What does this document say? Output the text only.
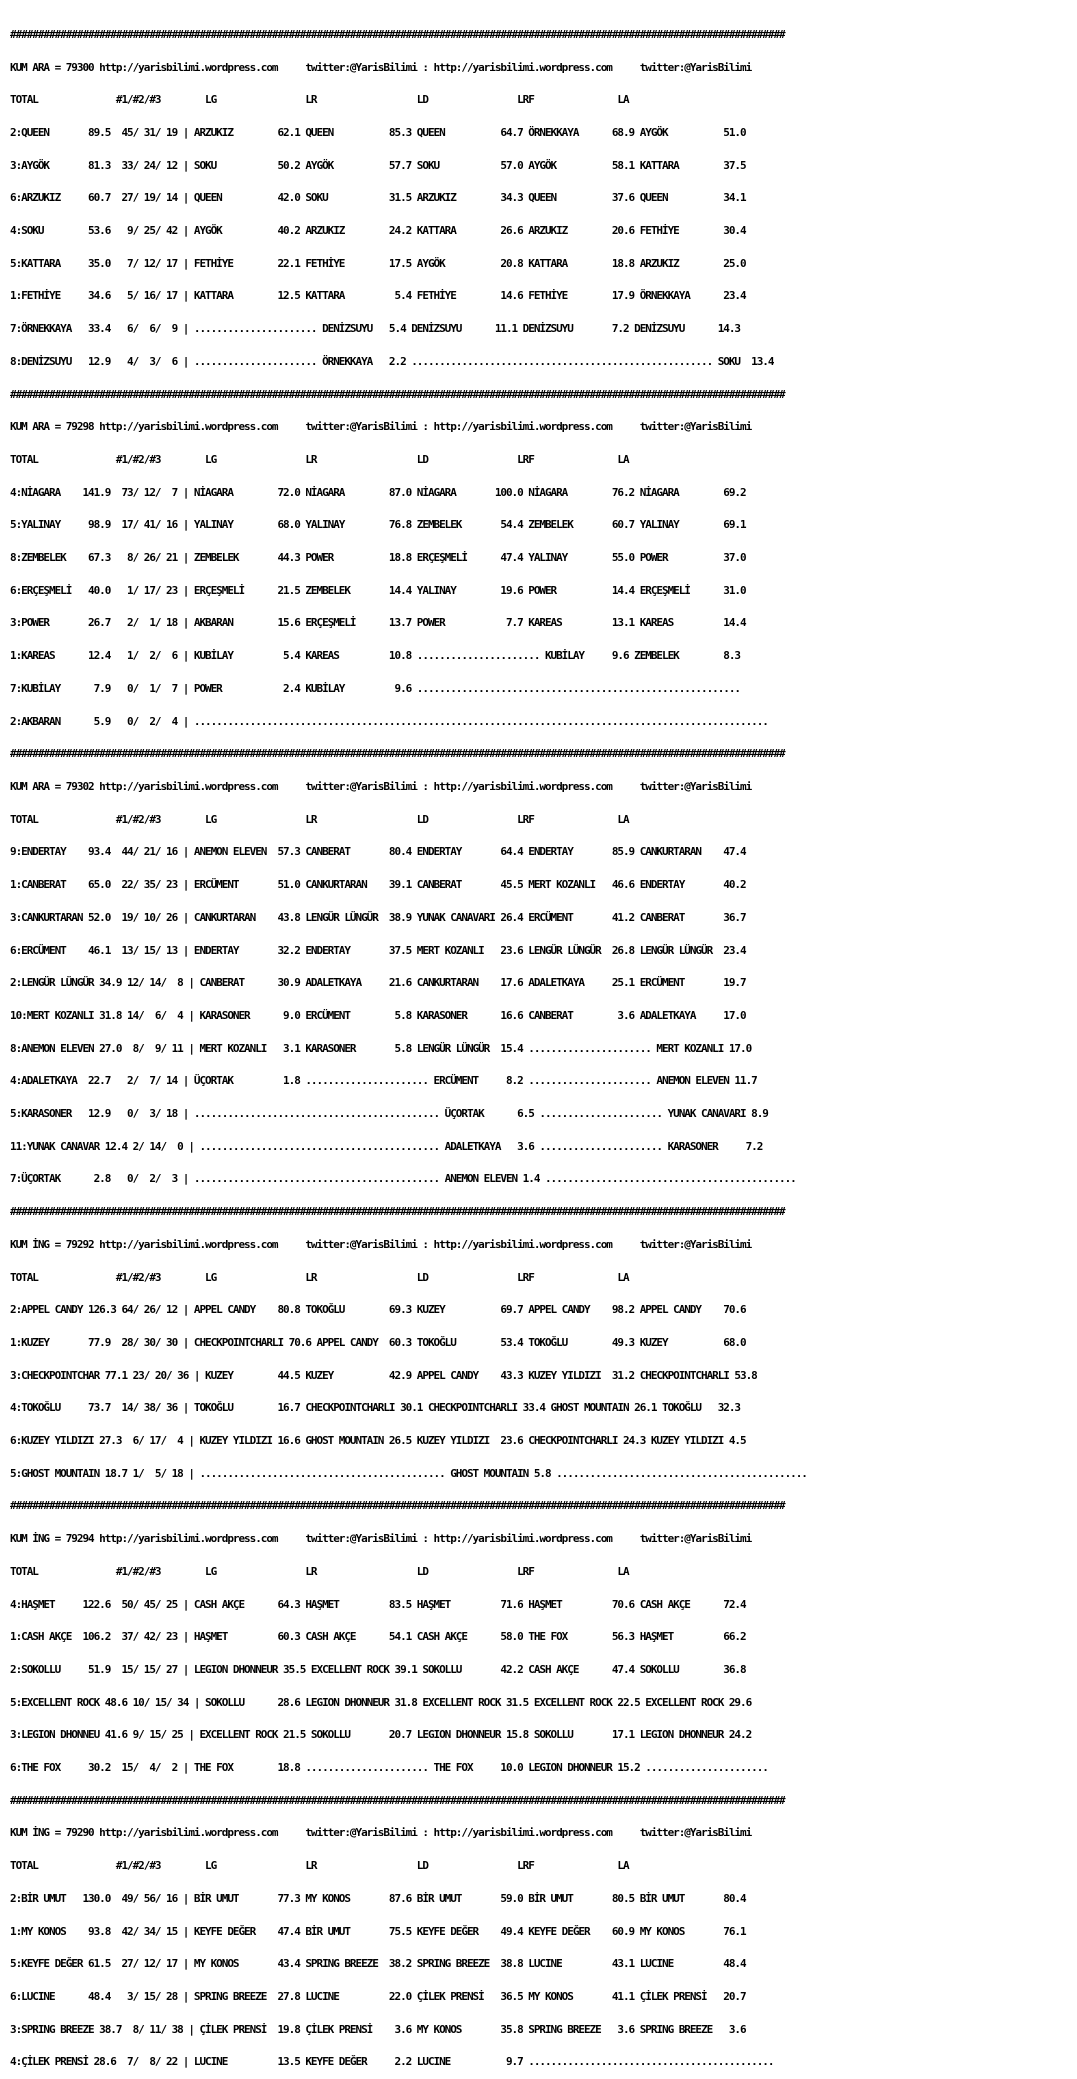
###########################################################################################################################################

KUM ARA = 79300 http://yarisbilimi.wordpress.com     twitter:@YarisBilimi : http://yarisbilimi.wordpress.com     twitter:@YarisBilimi

TOTAL              #1/#2/#3        LG                LR                  LD                LRF               LA

2:QUEEN       89.5  45/ 31/ 19 | ARZUKIZ        62.1 QUEEN          85.3 QUEEN          64.7 ÖRNEKKAYA      68.9 AYGÖK          51.0

3:AYGÖK       81.3  33/ 24/ 12 | SOKU           50.2 AYGÖK          57.7 SOKU           57.0 AYGÖK          58.1 KATTARA        37.5

6:ARZUKIZ     60.7  27/ 19/ 14 | QUEEN          42.0 SOKU           31.5 ARZUKIZ        34.3 QUEEN          37.6 QUEEN          34.1

4:SOKU        53.6   9/ 25/ 42 | AYGÖK          40.2 ARZUKIZ        24.2 KATTARA        26.6 ARZUKIZ        20.6 FETHİYE        30.4

5:KATTARA     35.0   7/ 12/ 17 | FETHİYE        22.1 FETHİYE        17.5 AYGÖK          20.8 KATTARA        18.8 ARZUKIZ        25.0

1:FETHİYE     34.6   5/ 16/ 17 | KATTARA        12.5 KATTARA         5.4 FETHİYE        14.6 FETHİYE        17.9 ÖRNEKKAYA      23.4

7:ÖRNEKKAYA   33.4   6/  6/  9 | ...................... DENİZSUYU   5.4 DENİZSUYU      11.1 DENİZSUYU       7.2 DENİZSUYU      14.3

8:DENİZSUYU   12.9   4/  3/  6 | ...................... ÖRNEKKAYA   2.2 ...................................................... SOKU  13.4

###########################################################################################################################################

KUM ARA = 79298 http://yarisbilimi.wordpress.com     twitter:@YarisBilimi : http://yarisbilimi.wordpress.com     twitter:@YarisBilimi

TOTAL              #1/#2/#3        LG                LR                  LD                LRF               LA

4:NİAGARA    141.9  73/ 12/  7 | NİAGARA        72.0 NİAGARA        87.0 NİAGARA       100.0 NİAGARA        76.2 NİAGARA        69.2

5:YALINAY     98.9  17/ 41/ 16 | YALINAY        68.0 YALINAY        76.8 ZEMBELEK       54.4 ZEMBELEK       60.7 YALINAY        69.1

8:ZEMBELEK    67.3   8/ 26/ 21 | ZEMBELEK       44.3 POWER          18.8 ERÇEŞMELİ      47.4 YALINAY        55.0 POWER          37.0

6:ERÇEŞMELİ   40.0   1/ 17/ 23 | ERÇEŞMELİ      21.5 ZEMBELEK       14.4 YALINAY        19.6 POWER          14.4 ERÇEŞMELİ      31.0

3:POWER       26.7   2/  1/ 18 | AKBARAN        15.6 ERÇEŞMELİ      13.7 POWER           7.7 KAREAS         13.1 KAREAS         14.4

1:KAREAS      12.4   1/  2/  6 | KUBİLAY         5.4 KAREAS         10.8 ...................... KUBİLAY     9.6 ZEMBELEK        8.3

7:KUBİLAY      7.9   0/  1/  7 | POWER           2.4 KUBİLAY         9.6 ..........................................................

2:AKBARAN      5.9   0/  2/  4 | .......................................................................................................

###########################################################################################################################################

KUM ARA = 79302 http://yarisbilimi.wordpress.com     twitter:@YarisBilimi : http://yarisbilimi.wordpress.com     twitter:@YarisBilimi

TOTAL              #1/#2/#3        LG                LR                  LD                LRF               LA

9:ENDERTAY    93.4  44/ 21/ 16 | ANEMON ELEVEN  57.3 CANBERAT       80.4 ENDERTAY       64.4 ENDERTAY       85.9 CANKURTARAN    47.4

1:CANBERAT    65.0  22/ 35/ 23 | ERCÜMENT       51.0 CANKURTARAN    39.1 CANBERAT       45.5 MERT KOZANLI   46.6 ENDERTAY       40.2

3:CANKURTARAN 52.0  19/ 10/ 26 | CANKURTARAN    43.8 LENGÜR LÜNGÜR  38.9 YUNAK CANAVARI 26.4 ERCÜMENT       41.2 CANBERAT       36.7

6:ERCÜMENT    46.1  13/ 15/ 13 | ENDERTAY       32.2 ENDERTAY       37.5 MERT KOZANLI   23.6 LENGÜR LÜNGÜR  26.8 LENGÜR LÜNGÜR  23.4

2:LENGÜR LÜNGÜR 34.9 12/ 14/  8 | CANBERAT      30.9 ADALETKAYA     21.6 CANKURTARAN    17.6 ADALETKAYA     25.1 ERCÜMENT       19.7

10:MERT KOZANLI 31.8 14/  6/  4 | KARASONER      9.0 ERCÜMENT        5.8 KARASONER      16.6 CANBERAT        3.6 ADALETKAYA     17.0

8:ANEMON ELEVEN 27.0  8/  9/ 11 | MERT KOZANLI   3.1 KARASONER       5.8 LENGÜR LÜNGÜR  15.4 ...................... MERT KOZANLI 17.0

4:ADALETKAYA  22.7   2/  7/ 14 | ÜÇORTAK         1.8 ...................... ERCÜMENT     8.2 ...................... ANEMON ELEVEN 11.7

5:KARASONER   12.9   0/  3/ 18 | ............................................ ÜÇORTAK      6.5 ...................... YUNAK CANAVARI 8.9

11:YUNAK CANAVAR 12.4 2/ 14/  0 | ........................................... ADALETKAYA   3.6 ...................... KARASONER     7.2

7:ÜÇORTAK      2.8   0/  2/  3 | ............................................ ANEMON ELEVEN 1.4 .............................................

###########################################################################################################################################

KUM İNG = 79292 http://yarisbilimi.wordpress.com     twitter:@YarisBilimi : http://yarisbilimi.wordpress.com     twitter:@YarisBilimi

TOTAL              #1/#2/#3        LG                LR                  LD                LRF               LA

2:APPEL CANDY 126.3 64/ 26/ 12 | APPEL CANDY    80.8 TOKOĞLU        69.3 KUZEY          69.7 APPEL CANDY    98.2 APPEL CANDY    70.6

1:KUZEY       77.9  28/ 30/ 30 | CHECKPOINTCHARLI 70.6 APPEL CANDY  60.3 TOKOĞLU        53.4 TOKOĞLU        49.3 KUZEY          68.0

3:CHECKPOINTCHAR 77.1 23/ 20/ 36 | KUZEY        44.5 KUZEY          42.9 APPEL CANDY    43.3 KUZEY YILDIZI  31.2 CHECKPOINTCHARLI 53.8

4:TOKOĞLU     73.7  14/ 38/ 36 | TOKOĞLU        16.7 CHECKPOINTCHARLI 30.1 CHECKPOINTCHARLI 33.4 GHOST MOUNTAIN 26.1 TOKOĞLU   32.3

6:KUZEY YILDIZI 27.3  6/ 17/  4 | KUZEY YILDIZI 16.6 GHOST MOUNTAIN 26.5 KUZEY YILDIZI  23.6 CHECKPOINTCHARLI 24.3 KUZEY YILDIZI 4.5

5:GHOST MOUNTAIN 18.7 1/  5/ 18 | ............................................ GHOST MOUNTAIN 5.8 .............................................

###########################################################################################################################################

KUM İNG = 79294 http://yarisbilimi.wordpress.com     twitter:@YarisBilimi : http://yarisbilimi.wordpress.com     twitter:@YarisBilimi

TOTAL              #1/#2/#3        LG                LR                  LD                LRF               LA

4:HAŞMET     122.6  50/ 45/ 25 | CASH AKÇE      64.3 HAŞMET         83.5 HAŞMET         71.6 HAŞMET         70.6 CASH AKÇE      72.4

1:CASH AKÇE  106.2  37/ 42/ 23 | HAŞMET         60.3 CASH AKÇE      54.1 CASH AKÇE      58.0 THE FOX        56.3 HAŞMET         66.2

2:SOKOLLU     51.9  15/ 15/ 27 | LEGION DHONNEUR 35.5 EXCELLENT ROCK 39.1 SOKOLLU       42.2 CASH AKÇE      47.4 SOKOLLU        36.8

5:EXCELLENT ROCK 48.6 10/ 15/ 34 | SOKOLLU      28.6 LEGION DHONNEUR 31.8 EXCELLENT ROCK 31.5 EXCELLENT ROCK 22.5 EXCELLENT ROCK 29.6

3:LEGION DHONNEU 41.6 9/ 15/ 25 | EXCELLENT ROCK 21.5 SOKOLLU       20.7 LEGION DHONNEUR 15.8 SOKOLLU       17.1 LEGION DHONNEUR 24.2

6:THE FOX     30.2  15/  4/  2 | THE FOX        18.8 ...................... THE FOX     10.0 LEGION DHONNEUR 15.2 ......................

###########################################################################################################################################

KUM İNG = 79290 http://yarisbilimi.wordpress.com     twitter:@YarisBilimi : http://yarisbilimi.wordpress.com     twitter:@YarisBilimi

TOTAL              #1/#2/#3        LG                LR                  LD                LRF               LA

2:BİR UMUT   130.0  49/ 56/ 16 | BİR UMUT       77.3 MY KONOS       87.6 BİR UMUT       59.0 BİR UMUT       80.5 BİR UMUT       80.4

1:MY KONOS    93.8  42/ 34/ 15 | KEYFE DEĞER    47.4 BİR UMUT       75.5 KEYFE DEĞER    49.4 KEYFE DEĞER    60.9 MY KONOS       76.1

5:KEYFE DEĞER 61.5  27/ 12/ 17 | MY KONOS       43.4 SPRING BREEZE  38.2 SPRING BREEZE  38.8 LUCINE         43.1 LUCINE         48.4

6:LUCINE      48.4   3/ 15/ 28 | SPRING BREEZE  27.8 LUCINE         22.0 ÇİLEK PRENSİ   36.5 MY KONOS       41.1 ÇİLEK PRENSİ   20.7

3:SPRING BREEZE 38.7  8/ 11/ 38 | ÇİLEK PRENSİ  19.8 ÇİLEK PRENSİ    3.6 MY KONOS       35.8 SPRING BREEZE   3.6 SPRING BREEZE   3.6

4:ÇİLEK PRENSİ 28.6  7/  8/ 22 | LUCINE         13.5 KEYFE DEĞER     2.2 LUCINE          9.7 ............................................
